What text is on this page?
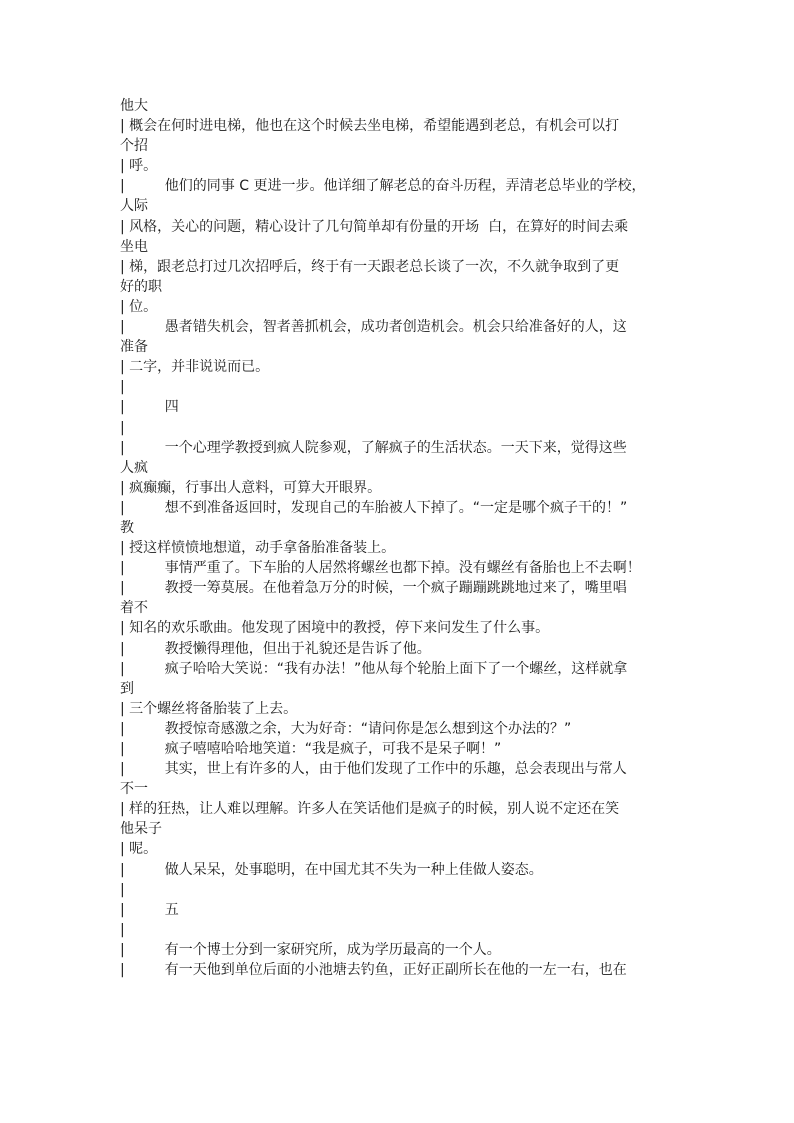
他大
| 概会在何时进电梯，他也在这个时候去坐电梯，希望能遇到老总，有机会可以打
个招
| 呼。
|         他们的同事 C 更进一步。他详细了解老总的奋斗历程，弄清老总毕业的学校，
人际
| 风格，关心的问题，精心设计了几句简单却有份量的开场  白，在算好的时间去乘
坐电
| 梯，跟老总打过几次招呼后，终于有一天跟老总长谈了一次，不久就争取到了更
好的职
| 位。
|         愚者错失机会，智者善抓机会，成功者创造机会。机会只给准备好的人，这
准备
| 二字，并非说说而已。
|
|         四
|
|         一个心理学教授到疯人院参观，了解疯子的生活状态。一天下来，觉得这些
人疯
| 疯癫癫，行事出人意料，可算大开眼界。
|         想不到准备返回时，发现自己的车胎被人下掉了。“一定是哪个疯子干的！”
教
| 授这样愤愤地想道，动手拿备胎准备装上。
|         事情严重了。下车胎的人居然将螺丝也都下掉。没有螺丝有备胎也上不去啊！
|         教授一筹莫展。在他着急万分的时候，一个疯子蹦蹦跳跳地过来了，嘴里唱
着不
| 知名的欢乐歌曲。他发现了困境中的教授，停下来问发生了什么事。
|         教授懒得理他，但出于礼貌还是告诉了他。
|         疯子哈哈大笑说：“我有办法！”他从每个轮胎上面下了一个螺丝，这样就拿
到
| 三个螺丝将备胎装了上去。
|         教授惊奇感激之余，大为好奇：“请问你是怎么想到这个办法的？”
|         疯子嘻嘻哈哈地笑道：“我是疯子，可我不是呆子啊！”
|         其实，世上有许多的人，由于他们发现了工作中的乐趣，总会表现出与常人
不一
| 样的狂热，让人难以理解。许多人在笑话他们是疯子的时候，别人说不定还在笑
他呆子
| 呢。
|         做人呆呆，处事聪明，在中国尤其不失为一种上佳做人姿态。
|
|         五
|
|         有一个博士分到一家研究所，成为学历最高的一个人。
|         有一天他到单位后面的小池塘去钓鱼，正好正副所长在他的一左一右，也在
